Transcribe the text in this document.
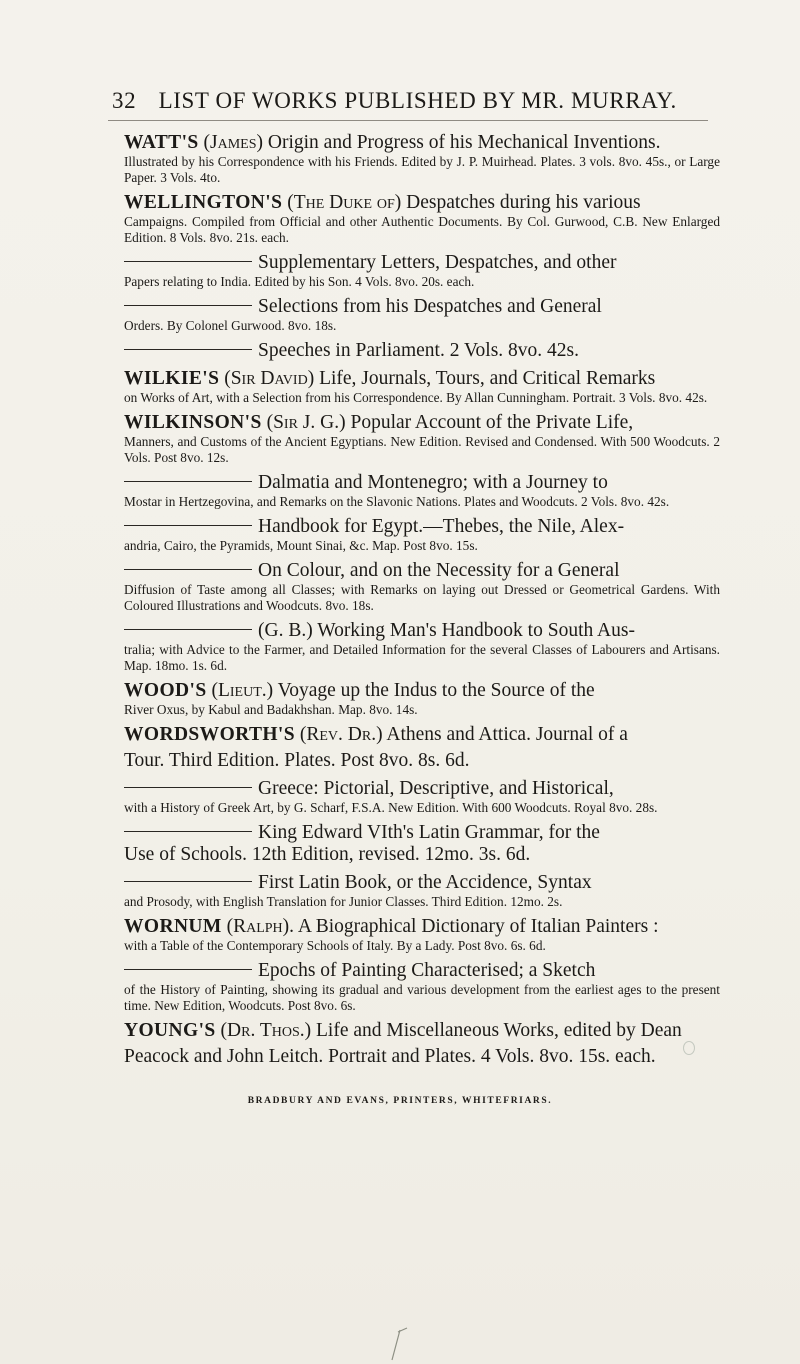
32 LIST OF WORKS PUBLISHED BY MR. MURRAY.
WATT'S (James) Origin and Progress of his Mechanical Inventions.
Illustrated by his Correspondence with his Friends. Edited by J. P. Muirhead. Plates. 3 vols. 8vo. 45s., or Large Paper. 3 Vols. 4to.
WELLINGTON'S (The Duke of) Despatches during his various
Campaigns. Compiled from Official and other Authentic Documents. By Col. Gurwood, C.B. New Enlarged Edition. 8 Vols. 8vo. 21s. each.
Supplementary Letters, Despatches, and other
Papers relating to India. Edited by his Son. 4 Vols. 8vo. 20s. each.
Selections from his Despatches and General
Orders. By Colonel Gurwood. 8vo. 18s.
Speeches in Parliament. 2 Vols. 8vo. 42s.
WILKIE'S (Sir David) Life, Journals, Tours, and Critical Remarks
on Works of Art, with a Selection from his Correspondence. By Allan Cunningham. Portrait. 3 Vols. 8vo. 42s.
WILKINSON'S (Sir J. G.) Popular Account of the Private Life,
Manners, and Customs of the Ancient Egyptians. New Edition. Revised and Condensed. With 500 Woodcuts. 2 Vols. Post 8vo. 12s.
Dalmatia and Montenegro; with a Journey to
Mostar in Hertzegovina, and Remarks on the Slavonic Nations. Plates and Woodcuts. 2 Vols. 8vo. 42s.
Handbook for Egypt.—Thebes, the Nile, Alex-
andria, Cairo, the Pyramids, Mount Sinai, &c. Map. Post 8vo. 15s.
On Colour, and on the Necessity for a General
Diffusion of Taste among all Classes; with Remarks on laying out Dressed or Geometrical Gardens. With Coloured Illustrations and Woodcuts. 8vo. 18s.
(G. B.) Working Man's Handbook to South Aus-
tralia; with Advice to the Farmer, and Detailed Information for the several Classes of Labourers and Artisans. Map. 18mo. 1s. 6d.
WOOD'S (Lieut.) Voyage up the Indus to the Source of the
River Oxus, by Kabul and Badakhshan. Map. 8vo. 14s.
WORDSWORTH'S (Rev. Dr.) Athens and Attica. Journal of a
Tour. Third Edition. Plates. Post 8vo. 8s. 6d.
Greece: Pictorial, Descriptive, and Historical,
with a History of Greek Art, by G. Scharf, F.S.A. New Edition. With 600 Woodcuts. Royal 8vo. 28s.
King Edward VIth's Latin Grammar, for the
Use of Schools. 12th Edition, revised. 12mo. 3s. 6d.
First Latin Book, or the Accidence, Syntax
and Prosody, with English Translation for Junior Classes. Third Edition. 12mo. 2s.
WORNUM (Ralph). A Biographical Dictionary of Italian Painters :
with a Table of the Contemporary Schools of Italy. By a Lady. Post 8vo. 6s. 6d.
Epochs of Painting Characterised; a Sketch
of the History of Painting, showing its gradual and various development from the earliest ages to the present time. New Edition, Woodcuts. Post 8vo. 6s.
YOUNG'S (Dr. Thos.) Life and Miscellaneous Works, edited by Dean
Peacock and John Leitch. Portrait and Plates. 4 Vols. 8vo. 15s. each.
BRADBURY AND EVANS, PRINTERS, WHITEFRIARS.
